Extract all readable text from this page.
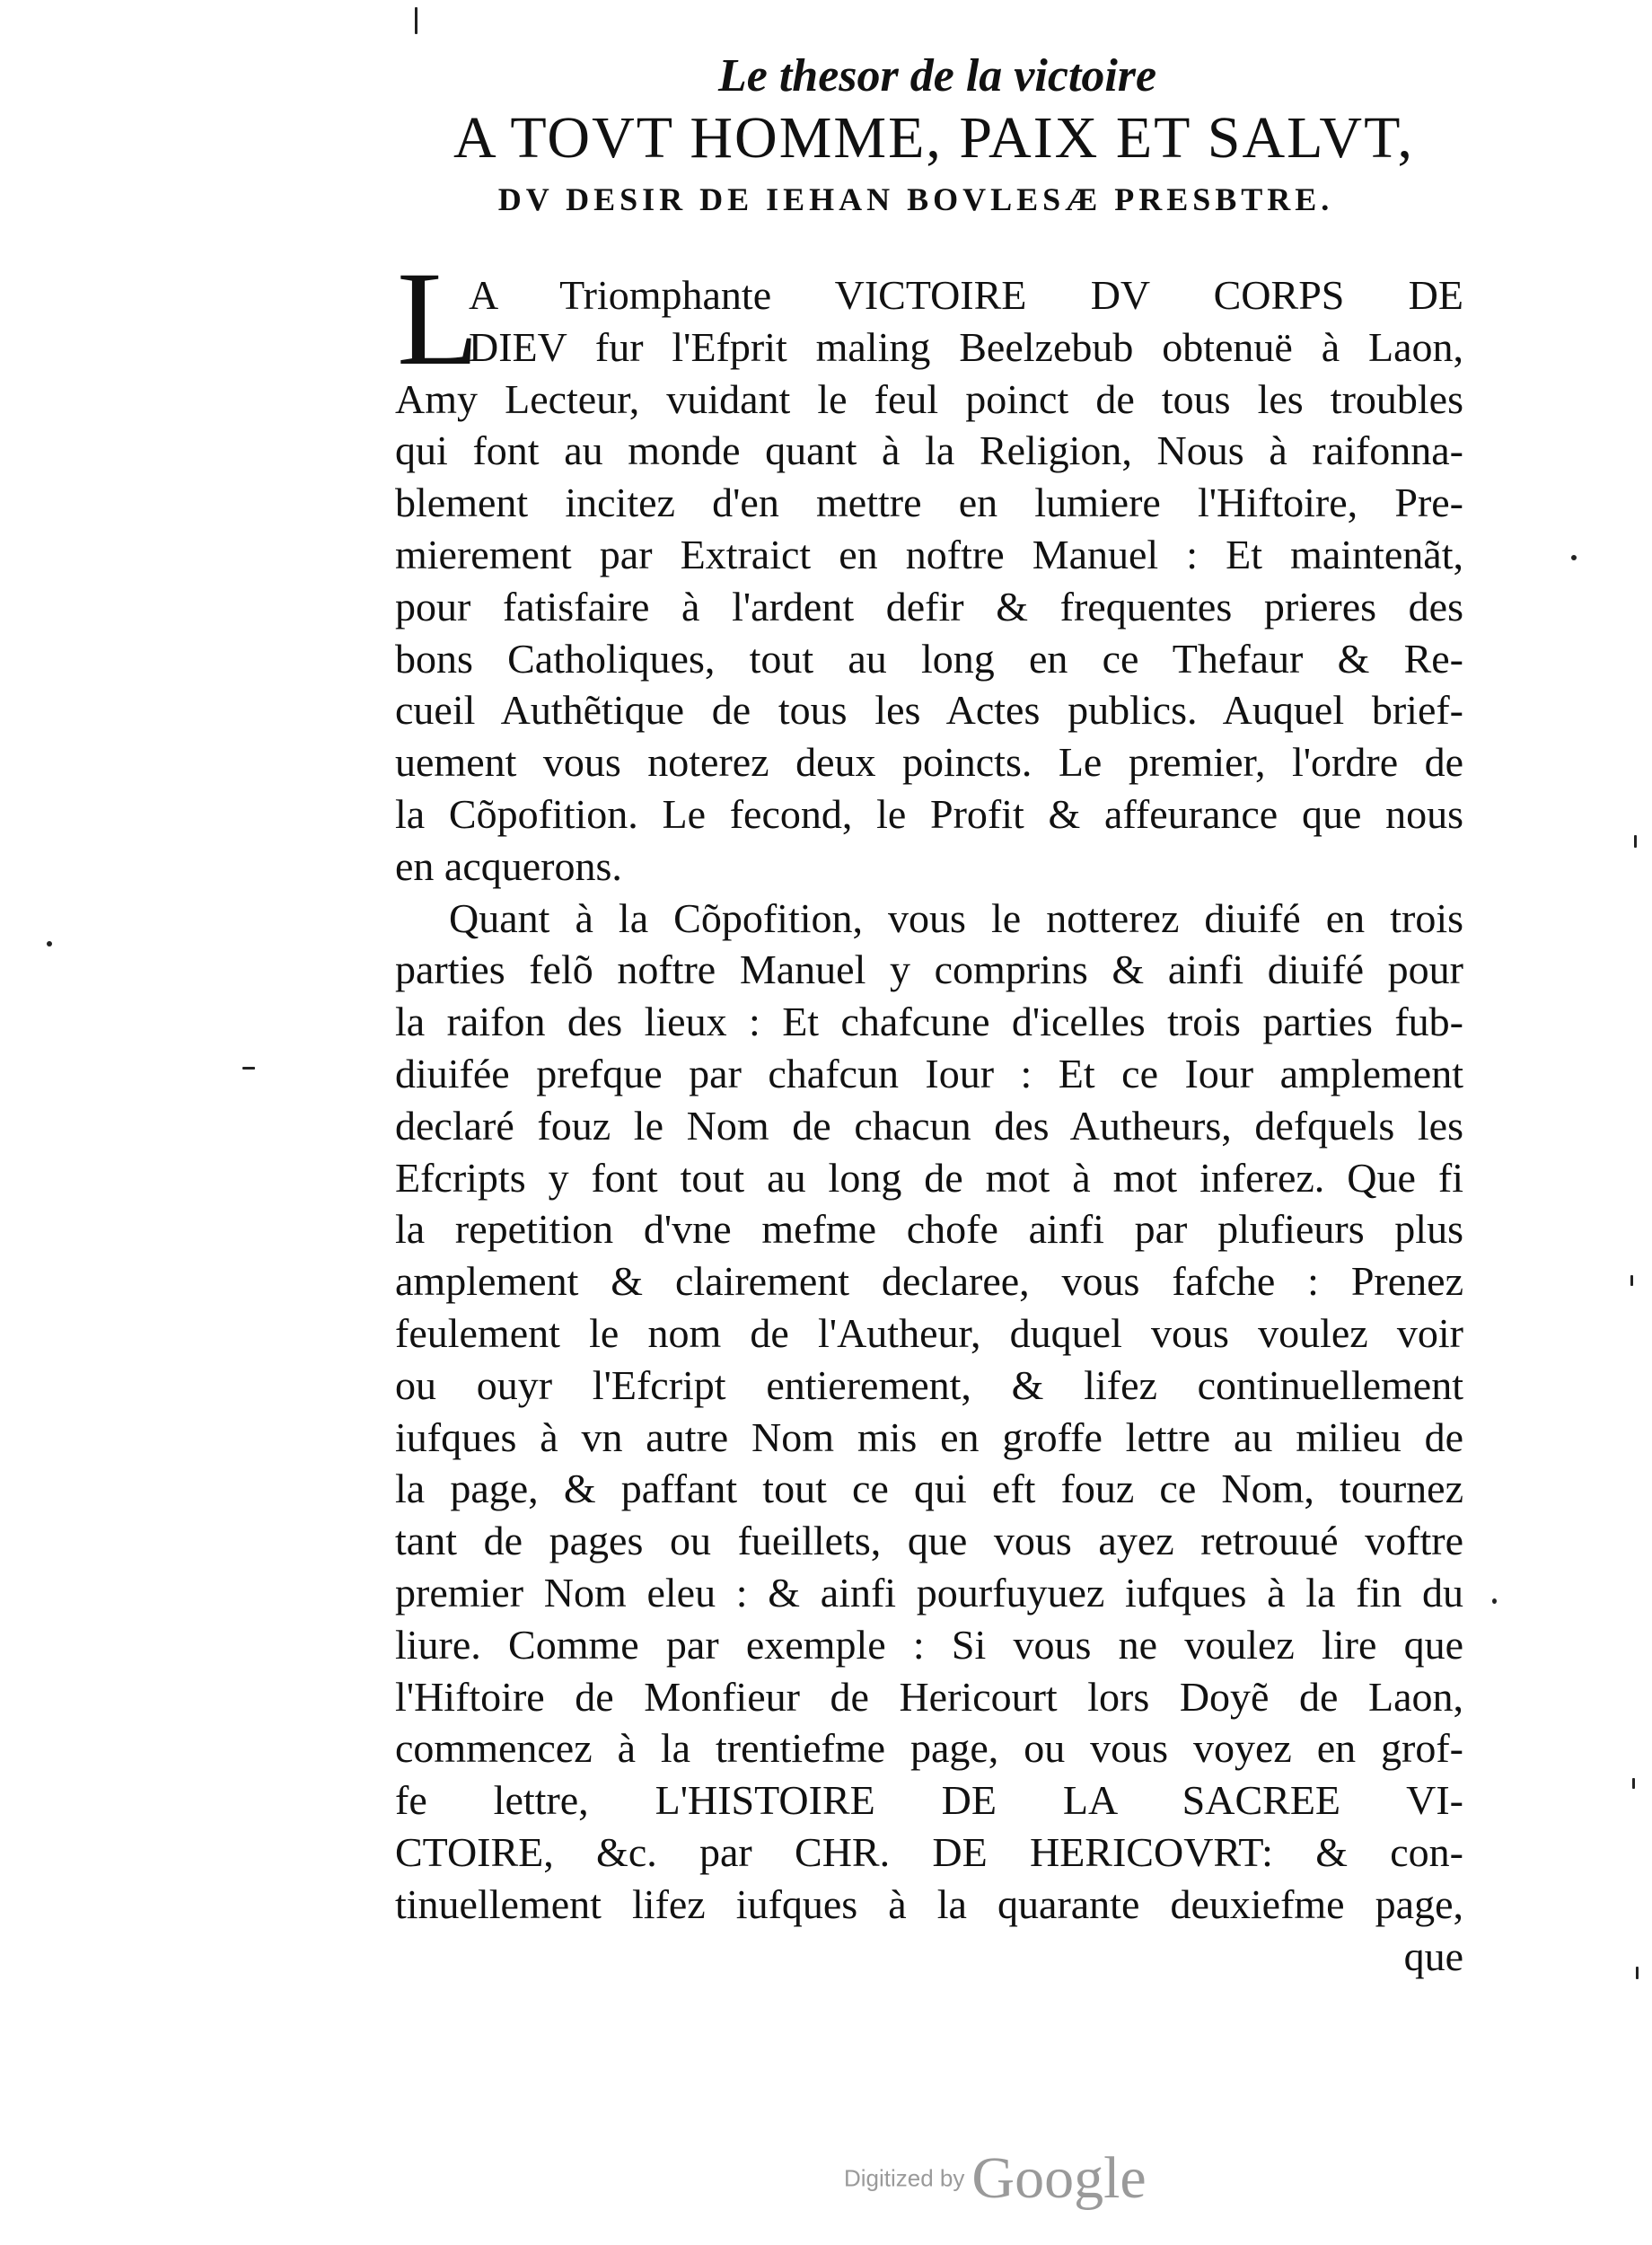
Le thesor de la victoire
A TOVT HOMME, PAIX ET SALVT,
DV DESIR DE IEHAN BOVLESÆ PRESBTRE.
L
A Triomphante VICTOIRE DV CORPS DE
DIEV fur l'Efprit maling Beelzebub obtenuë à Laon,
Amy Lecteur, vuidant le feul poinct de tous les troubles
qui font au monde quant à la Religion, Nous à raifonna-
blement incitez d'en mettre en lumiere l'Hiftoire, Pre-
mierement par Extraict en noftre Manuel : Et maintenãt,
pour fatisfaire à l'ardent defir & frequentes prieres des
bons Catholiques, tout au long en ce Thefaur & Re-
cueil Authẽtique de tous les Actes publics. Auquel brief-
uement vous noterez deux poincts. Le premier, l'ordre de
la Cõpofition. Le fecond, le Profit & affeurance que nous
en acquerons.
Quant à la Cõpofition, vous le notterez diuifé en trois
parties felõ noftre Manuel y comprins & ainfi diuifé pour
la raifon des lieux : Et chafcune d'icelles trois parties fub-
diuifée prefque par chafcun Iour : Et ce Iour amplement
declaré fouz le Nom de chacun des Autheurs, defquels les
Efcripts y font tout au long de mot à mot inferez. Que fi
la repetition d'vne mefme chofe ainfi par plufieurs plus
amplement & clairement declaree, vous fafche : Prenez
feulement le nom de l'Autheur, duquel vous voulez voir
ou ouyr l'Efcript entierement, & lifez continuellement
iufques à vn autre Nom mis en groffe lettre au milieu de
la page, & paffant tout ce qui eft fouz ce Nom, tournez
tant de pages ou fueillets, que vous ayez retrouué voftre
premier Nom eleu : & ainfi pourfuyuez iufques à la fin du
liure. Comme par exemple : Si vous ne voulez lire que
l'Hiftoire de Monfieur de Hericourt lors Doyẽ de Laon,
commencez à la trentiefme page, ou vous voyez en grof-
fe lettre, L'HISTOIRE DE LA SACREE VI-
CTOIRE, &c. par CHR. DE HERICOVRT: & con-
tinuellement lifez iufques à la quarante deuxiefme page,
que
Digitized by Google
